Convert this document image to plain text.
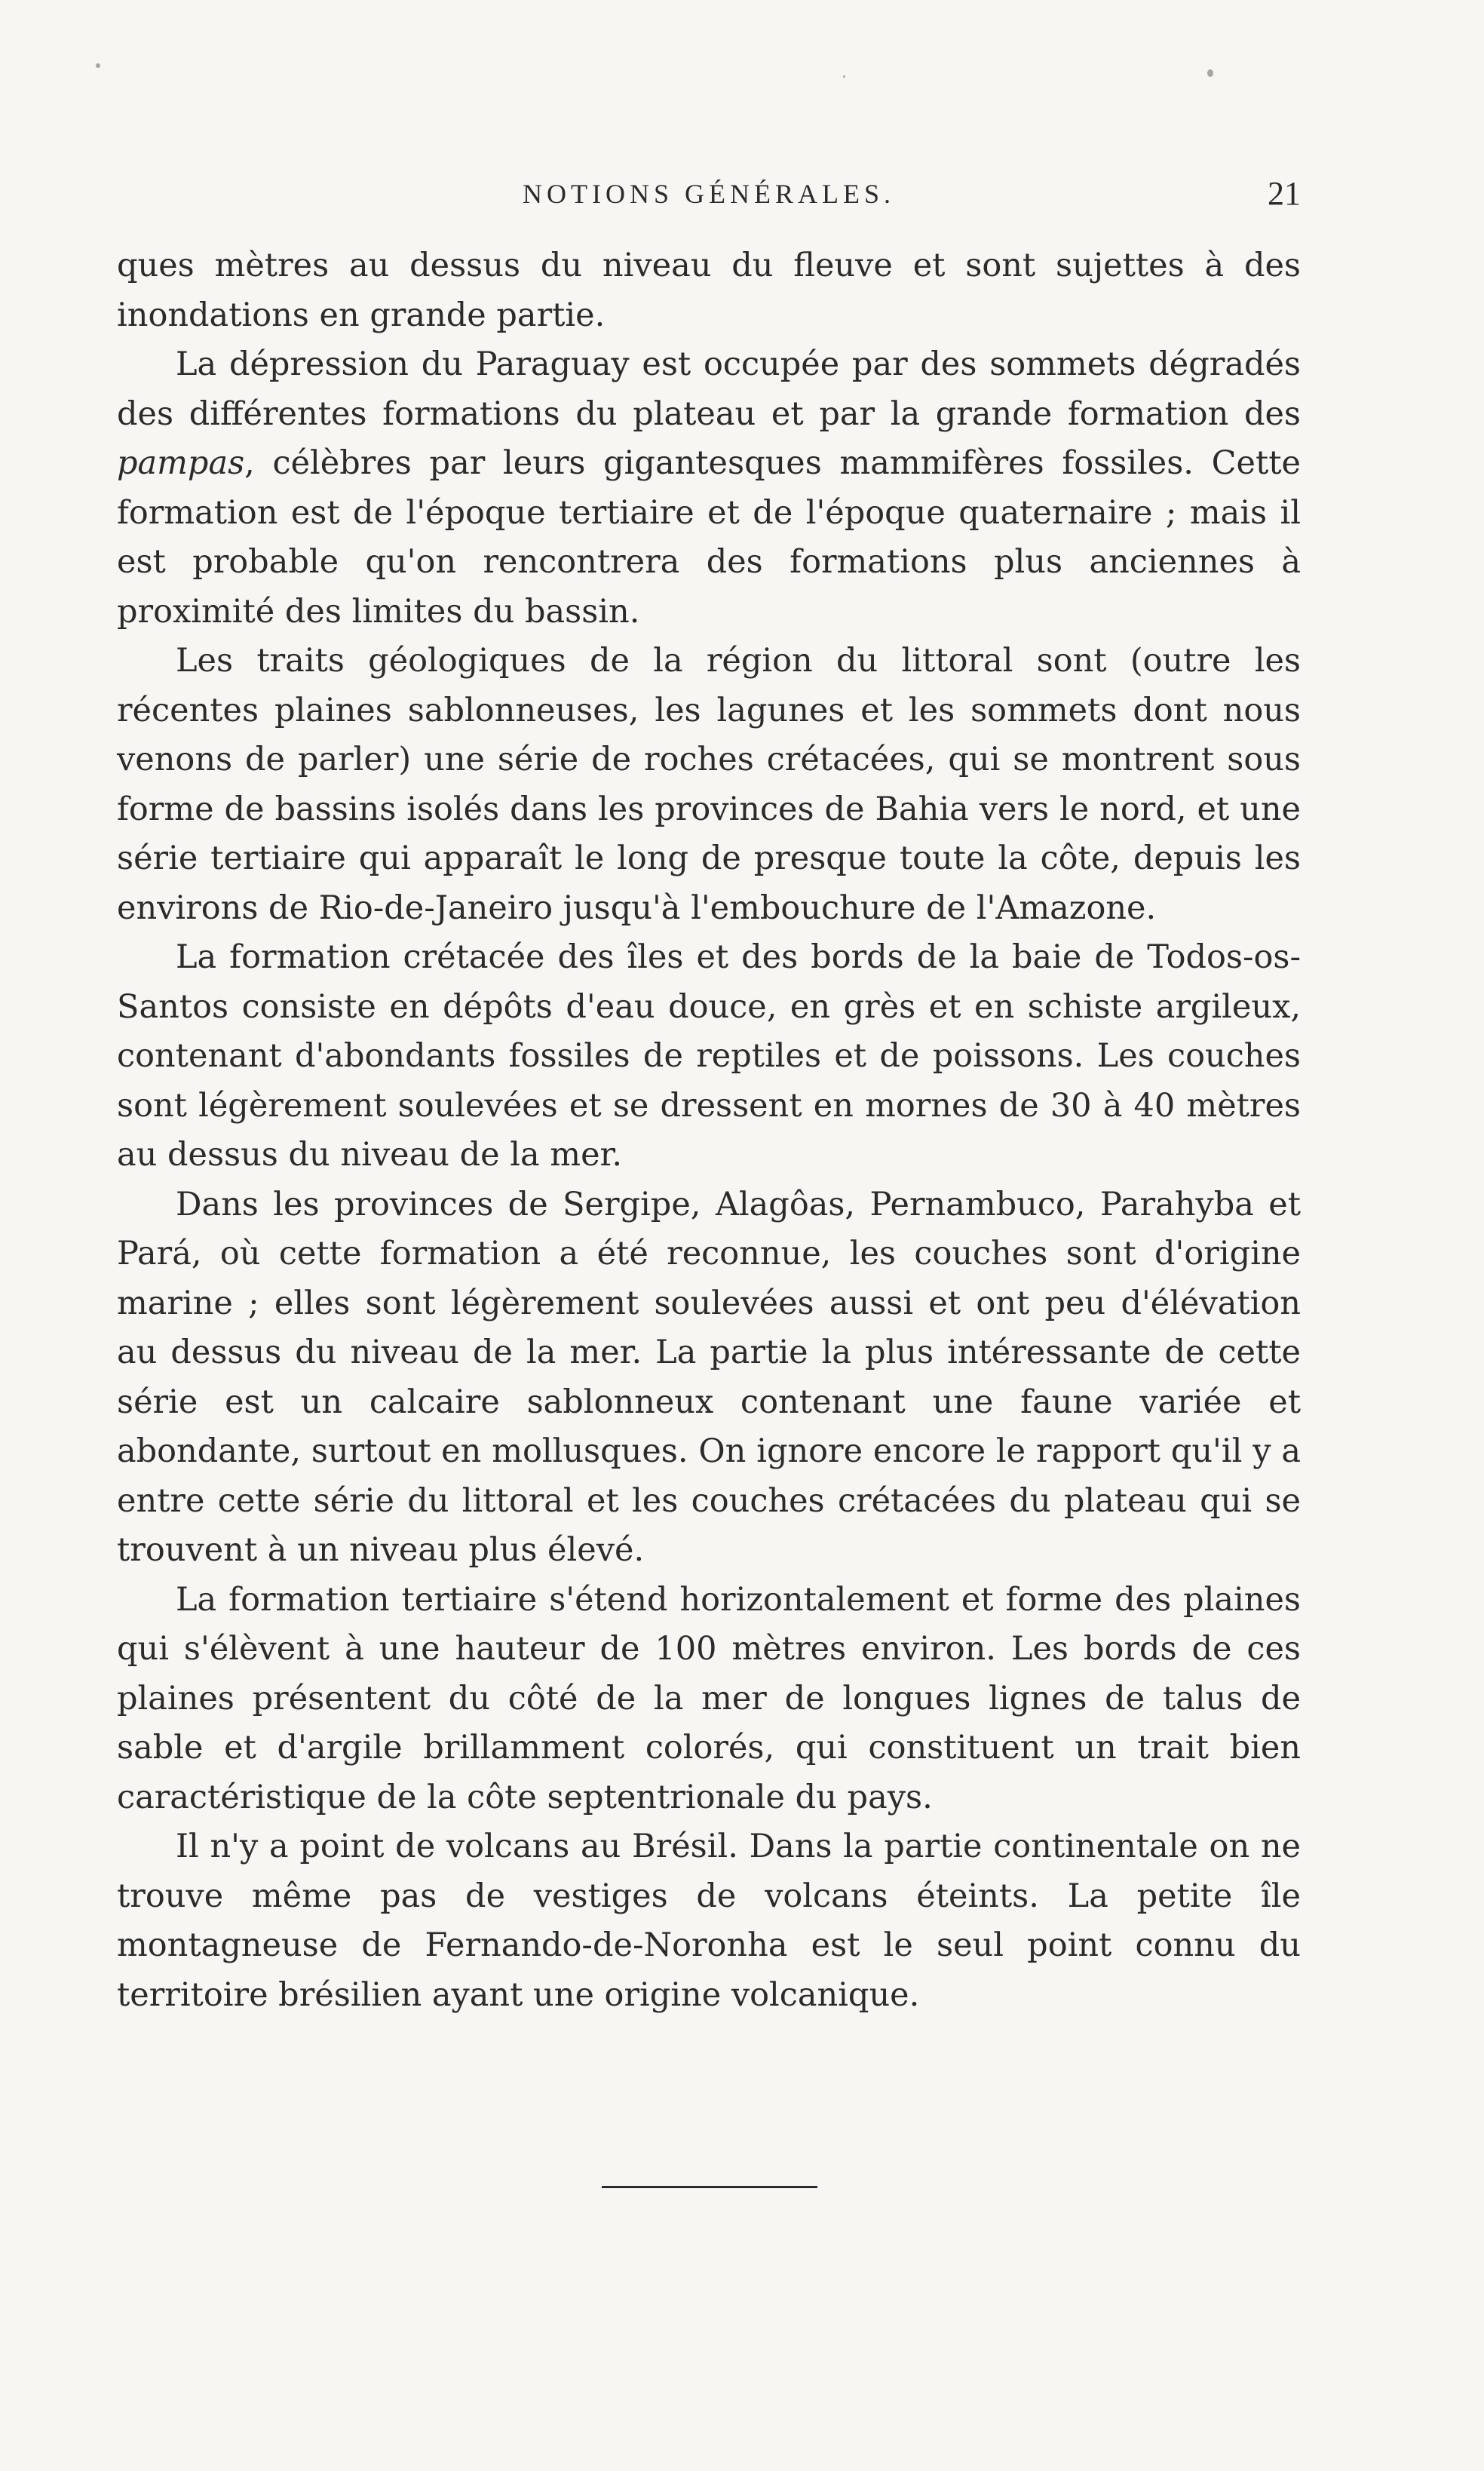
NOTIONS GÉNÉRALES.	21

ques mètres au dessus du niveau du fleuve et sont sujettes à des inondations en grande partie.

La dépression du Paraguay est occupée par des sommets dégradés des différentes formations du plateau et par la grande formation des pampas, célèbres par leurs gigantesques mammifères fossiles. Cette formation est de l'époque tertiaire et de l'époque quaternaire ; mais il est probable qu'on rencontrera des formations plus anciennes à proximité des limites du bassin.

Les traits géologiques de la région du littoral sont (outre les récentes plaines sablonneuses, les lagunes et les sommets dont nous venons de parler) une série de roches crétacées, qui se montrent sous forme de bassins isolés dans les provinces de Bahia vers le nord, et une série tertiaire qui apparaît le long de presque toute la côte, depuis les environs de Rio-de-Janeiro jusqu'à l'embouchure de l'Amazone.

La formation crétacée des îles et des bords de la baie de Todos-os-Santos consiste en dépôts d'eau douce, en grès et en schiste argileux, contenant d'abondants fossiles de reptiles et de poissons. Les couches sont légèrement soulevées et se dressent en mornes de 30 à 40 mètres au dessus du niveau de la mer.

Dans les provinces de Sergipe, Alagôas, Pernambuco, Parahyba et Pará, où cette formation a été reconnue, les couches sont d'origine marine ; elles sont légèrement soulevées aussi et ont peu d'élévation au dessus du niveau de la mer. La partie la plus intéressante de cette série est un calcaire sablonneux contenant une faune variée et abondante, surtout en mollusques. On ignore encore le rapport qu'il y a entre cette série du littoral et les couches crétacées du plateau qui se trouvent à un niveau plus élevé.

La formation tertiaire s'étend horizontalement et forme des plaines qui s'élèvent à une hauteur de 100 mètres environ. Les bords de ces plaines présentent du côté de la mer de longues lignes de talus de sable et d'argile brillamment colorés, qui constituent un trait bien caractéristique de la côte septentrionale du pays.

Il n'y a point de volcans au Brésil. Dans la partie continentale on ne trouve même pas de vestiges de volcans éteints. La petite île montagneuse de Fernando-de-Noronha est le seul point connu du territoire brésilien ayant une origine volcanique.
